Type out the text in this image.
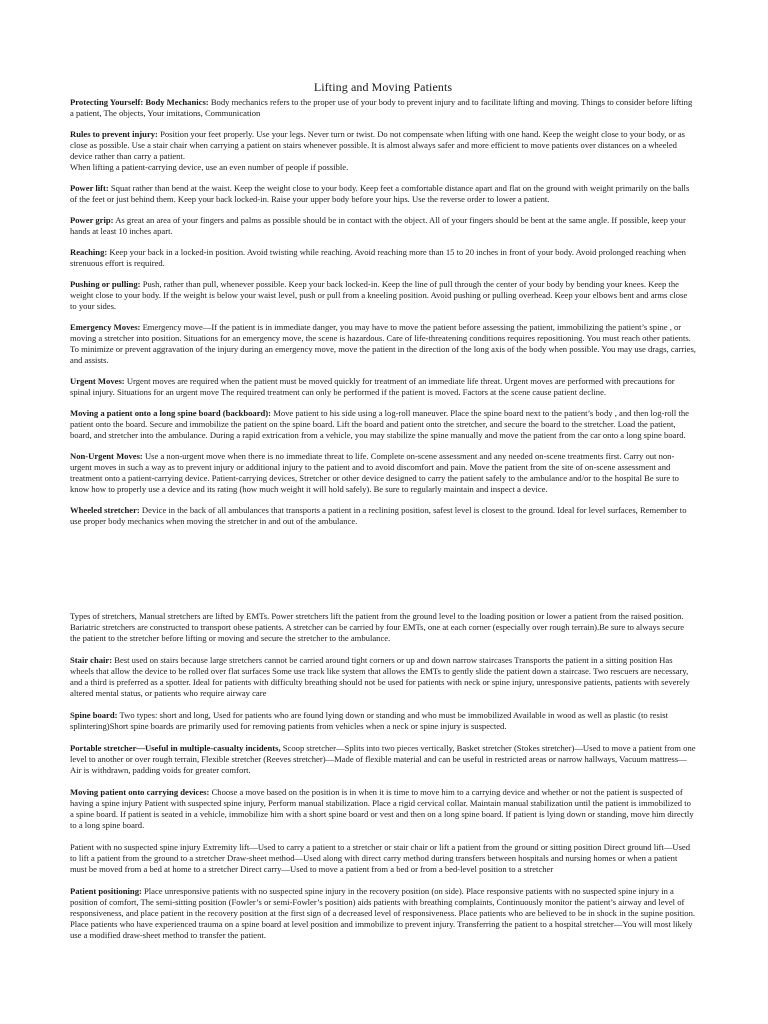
Lifting and Moving Patients

Protecting Yourself: Body Mechanics: Body mechanics refers to the proper use of your body to prevent injury and to facilitate lifting and moving. Things to consider before lifting a patient, The objects, Your imitations, Communication

Rules to prevent injury: Position your feet properly. Use your legs. Never turn or twist. Do not compensate when lifting with one hand. Keep the weight close to your body, or as close as possible. Use a stair chair when carrying a patient on stairs whenever possible. It is almost always safer and more efficient to move patients over distances on a wheeled device rather than carry a patient.
When lifting a patient-carrying device, use an even number of people if possible.

Power lift: Squat rather than bend at the waist. Keep the weight close to your body. Keep feet a comfortable distance apart and flat on the ground with weight primarily on the balls of the feet or just behind them. Keep your back locked-in. Raise your upper body before your hips. Use the reverse order to lower a patient.

Power grip: As great an area of your fingers and palms as possible should be in contact with the object. All of your fingers should be bent at the same angle. If possible, keep your hands at least 10 inches apart.

Reaching: Keep your back in a locked-in position. Avoid twisting while reaching. Avoid reaching more than 15 to 20 inches in front of your body. Avoid prolonged reaching when strenuous effort is required.

Pushing or pulling: Push, rather than pull, whenever possible. Keep your back locked-in. Keep the line of pull through the center of your body by bending your knees. Keep the weight close to your body. If the weight is below your waist level, push or pull from a kneeling position. Avoid pushing or pulling overhead. Keep your elbows bent and arms close to your sides.

Emergency Moves: Emergency move—If the patient is in immediate danger, you may have to move the patient before assessing the patient, immobilizing the patient’s spine , or moving a stretcher into position. Situations for an emergency move, the scene is hazardous. Care of life-threatening conditions requires repositioning. You must reach other patients. To minimize or prevent aggravation of the injury during an emergency move, move the patient in the direction of the long axis of the body when possible. You may use drags, carries, and assists.

Urgent Moves: Urgent moves are required when the patient must be moved quickly for treatment of an immediate life threat. Urgent moves are performed with precautions for spinal injury. Situations for an urgent move The required treatment can only be performed if the patient is moved. Factors at the scene cause patient decline.

Moving a patient onto a long spine board (backboard): Move patient to his side using a log-roll maneuver. Place the spine board next to the patient’s body , and then log-roll the patient onto the board. Secure and immobilize the patient on the spine board. Lift the board and patient onto the stretcher, and secure the board to the stretcher. Load the patient, board, and stretcher into the ambulance. During a rapid extrication from a vehicle, you may stabilize the spine manually and move the patient from the car onto a long spine board.

Non-Urgent Moves: Use a non-urgent move when there is no immediate threat to life. Complete on-scene assessment and any needed on-scene treatments first. Carry out non-urgent moves in such a way as to prevent injury or additional injury to the patient and to avoid discomfort and pain. Move the patient from the site of on-scene assessment and treatment onto a patient-carrying device. Patient-carrying devices, Stretcher or other device designed to carry the patient safely to the ambulance and/or to the hospital Be sure to know how to properly use a device and its rating (how much weight it will hold safely). Be sure to regularly maintain and inspect a device.

Wheeled stretcher: Device in the back of all ambulances that transports a patient in a reclining position, safest level is closest to the ground. Ideal for level surfaces, Remember to use proper body mechanics when moving the stretcher in and out of the ambulance.

Types of stretchers, Manual stretchers are lifted by EMTs. Power stretchers lift the patient from the ground level to the loading position or lower a patient from the raised position. Bariatric stretchers are constructed to transport obese patients. A stretcher can be carried by four EMTs, one at each corner (especially over rough terrain).Be sure to always secure the patient to the stretcher before lifting or moving and secure the stretcher to the ambulance.

Stair chair: Best used on stairs because large stretchers cannot be carried around tight corners or up and down narrow staircases Transports the patient in a sitting position Has wheels that allow the device to be rolled over flat surfaces Some use track like system that allows the EMTs to gently slide the patient down a staircase. Two rescuers are necessary, and a third is preferred as a spotter. Ideal for patients with difficulty breathing should not be used for patients with neck or spine injury, unresponsive patients, patients with severely altered mental status, or patients who require airway care

Spine board: Two types: short and long, Used for patients who are found lying down or standing and who must be immobilized Available in wood as well as plastic (to resist splintering)Short spine boards are primarily used for removing patients from vehicles when a neck or spine injury is suspected.

Portable stretcher—Useful in multiple-casualty incidents, Scoop stretcher—Splits into two pieces vertically, Basket stretcher (Stokes stretcher)—Used to move a patient from one level to another or over rough terrain, Flexible stretcher (Reeves stretcher)—Made of flexible material and can be useful in restricted areas or narrow hallways, Vacuum mattress—Air is withdrawn, padding voids for greater comfort.

Moving patient onto carrying devices: Choose a move based on the position is in when it is time to move him to a carrying device and whether or not the patient is suspected of having a spine injury Patient with suspected spine injury, Perform manual stabilization. Place a rigid cervical collar. Maintain manual stabilization until the patient is immobilized to a spine board. If patient is seated in a vehicle, immobilize him with a short spine board or vest and then on a long spine board. If patient is lying down or standing, move him directly to a long spine board.

Patient with no suspected spine injury Extremity lift—Used to carry a patient to a stretcher or stair chair or lift a patient from the ground or sitting position Direct ground lift—Used to lift a patient from the ground to a stretcher Draw-sheet method—Used along with direct carry method during transfers between hospitals and nursing homes or when a patient must be moved from a bed at home to a stretcher Direct carry—Used to move a patient from a bed or from a bed-level position to a stretcher

Patient positioning: Place unresponsive patients with no suspected spine injury in the recovery position (on side). Place responsive patients with no suspected spine injury in a position of comfort, The semi-sitting position (Fowler’s or semi-Fowler’s position) aids patients with breathing complaints, Continuously monitor the patient’s airway and level of responsiveness, and place patient in the recovery position at the first sign of a decreased level of responsiveness. Place patients who are believed to be in shock in the supine position. Place patients who have experienced trauma on a spine board at level position and immobilize to prevent injury. Transferring the patient to a hospital stretcher—You will most likely use a modified draw-sheet method to transfer the patient.
